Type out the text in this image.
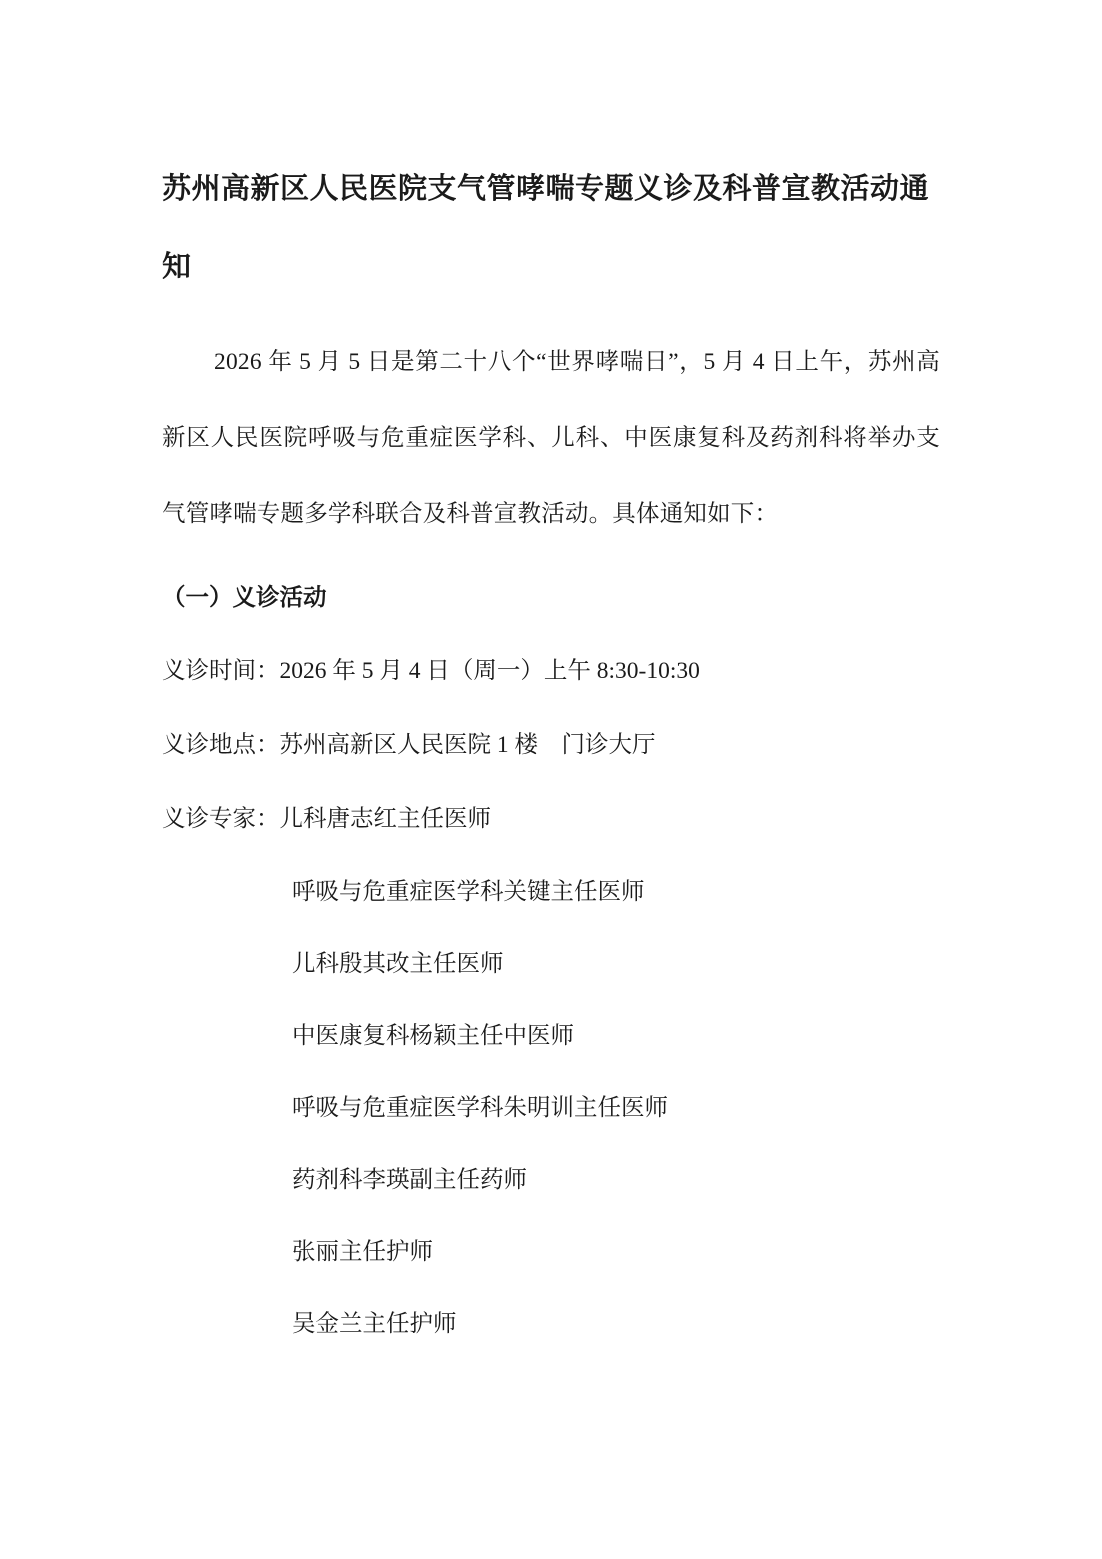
苏州高新区人民医院支气管哮喘专题义诊及科普宣教活动通知

2026 年 5 月 5 日是第二十八个“世界哮喘日”，5 月 4 日上午，苏州高新区人民医院呼吸与危重症医学科、儿科、中医康复科及药剂科将举办支气管哮喘专题多学科联合及科普宣教活动。具体通知如下：

（一）义诊活动

义诊时间：2026 年 5 月 4 日（周一）上午 8:30-10:30

义诊地点：苏州高新区人民医院 1 楼　门诊大厅

义诊专家：儿科唐志红主任医师

呼吸与危重症医学科关键主任医师

儿科殷其改主任医师

中医康复科杨颖主任中医师

呼吸与危重症医学科朱明训主任医师

药剂科李瑛副主任药师

张丽主任护师

吴金兰主任护师
